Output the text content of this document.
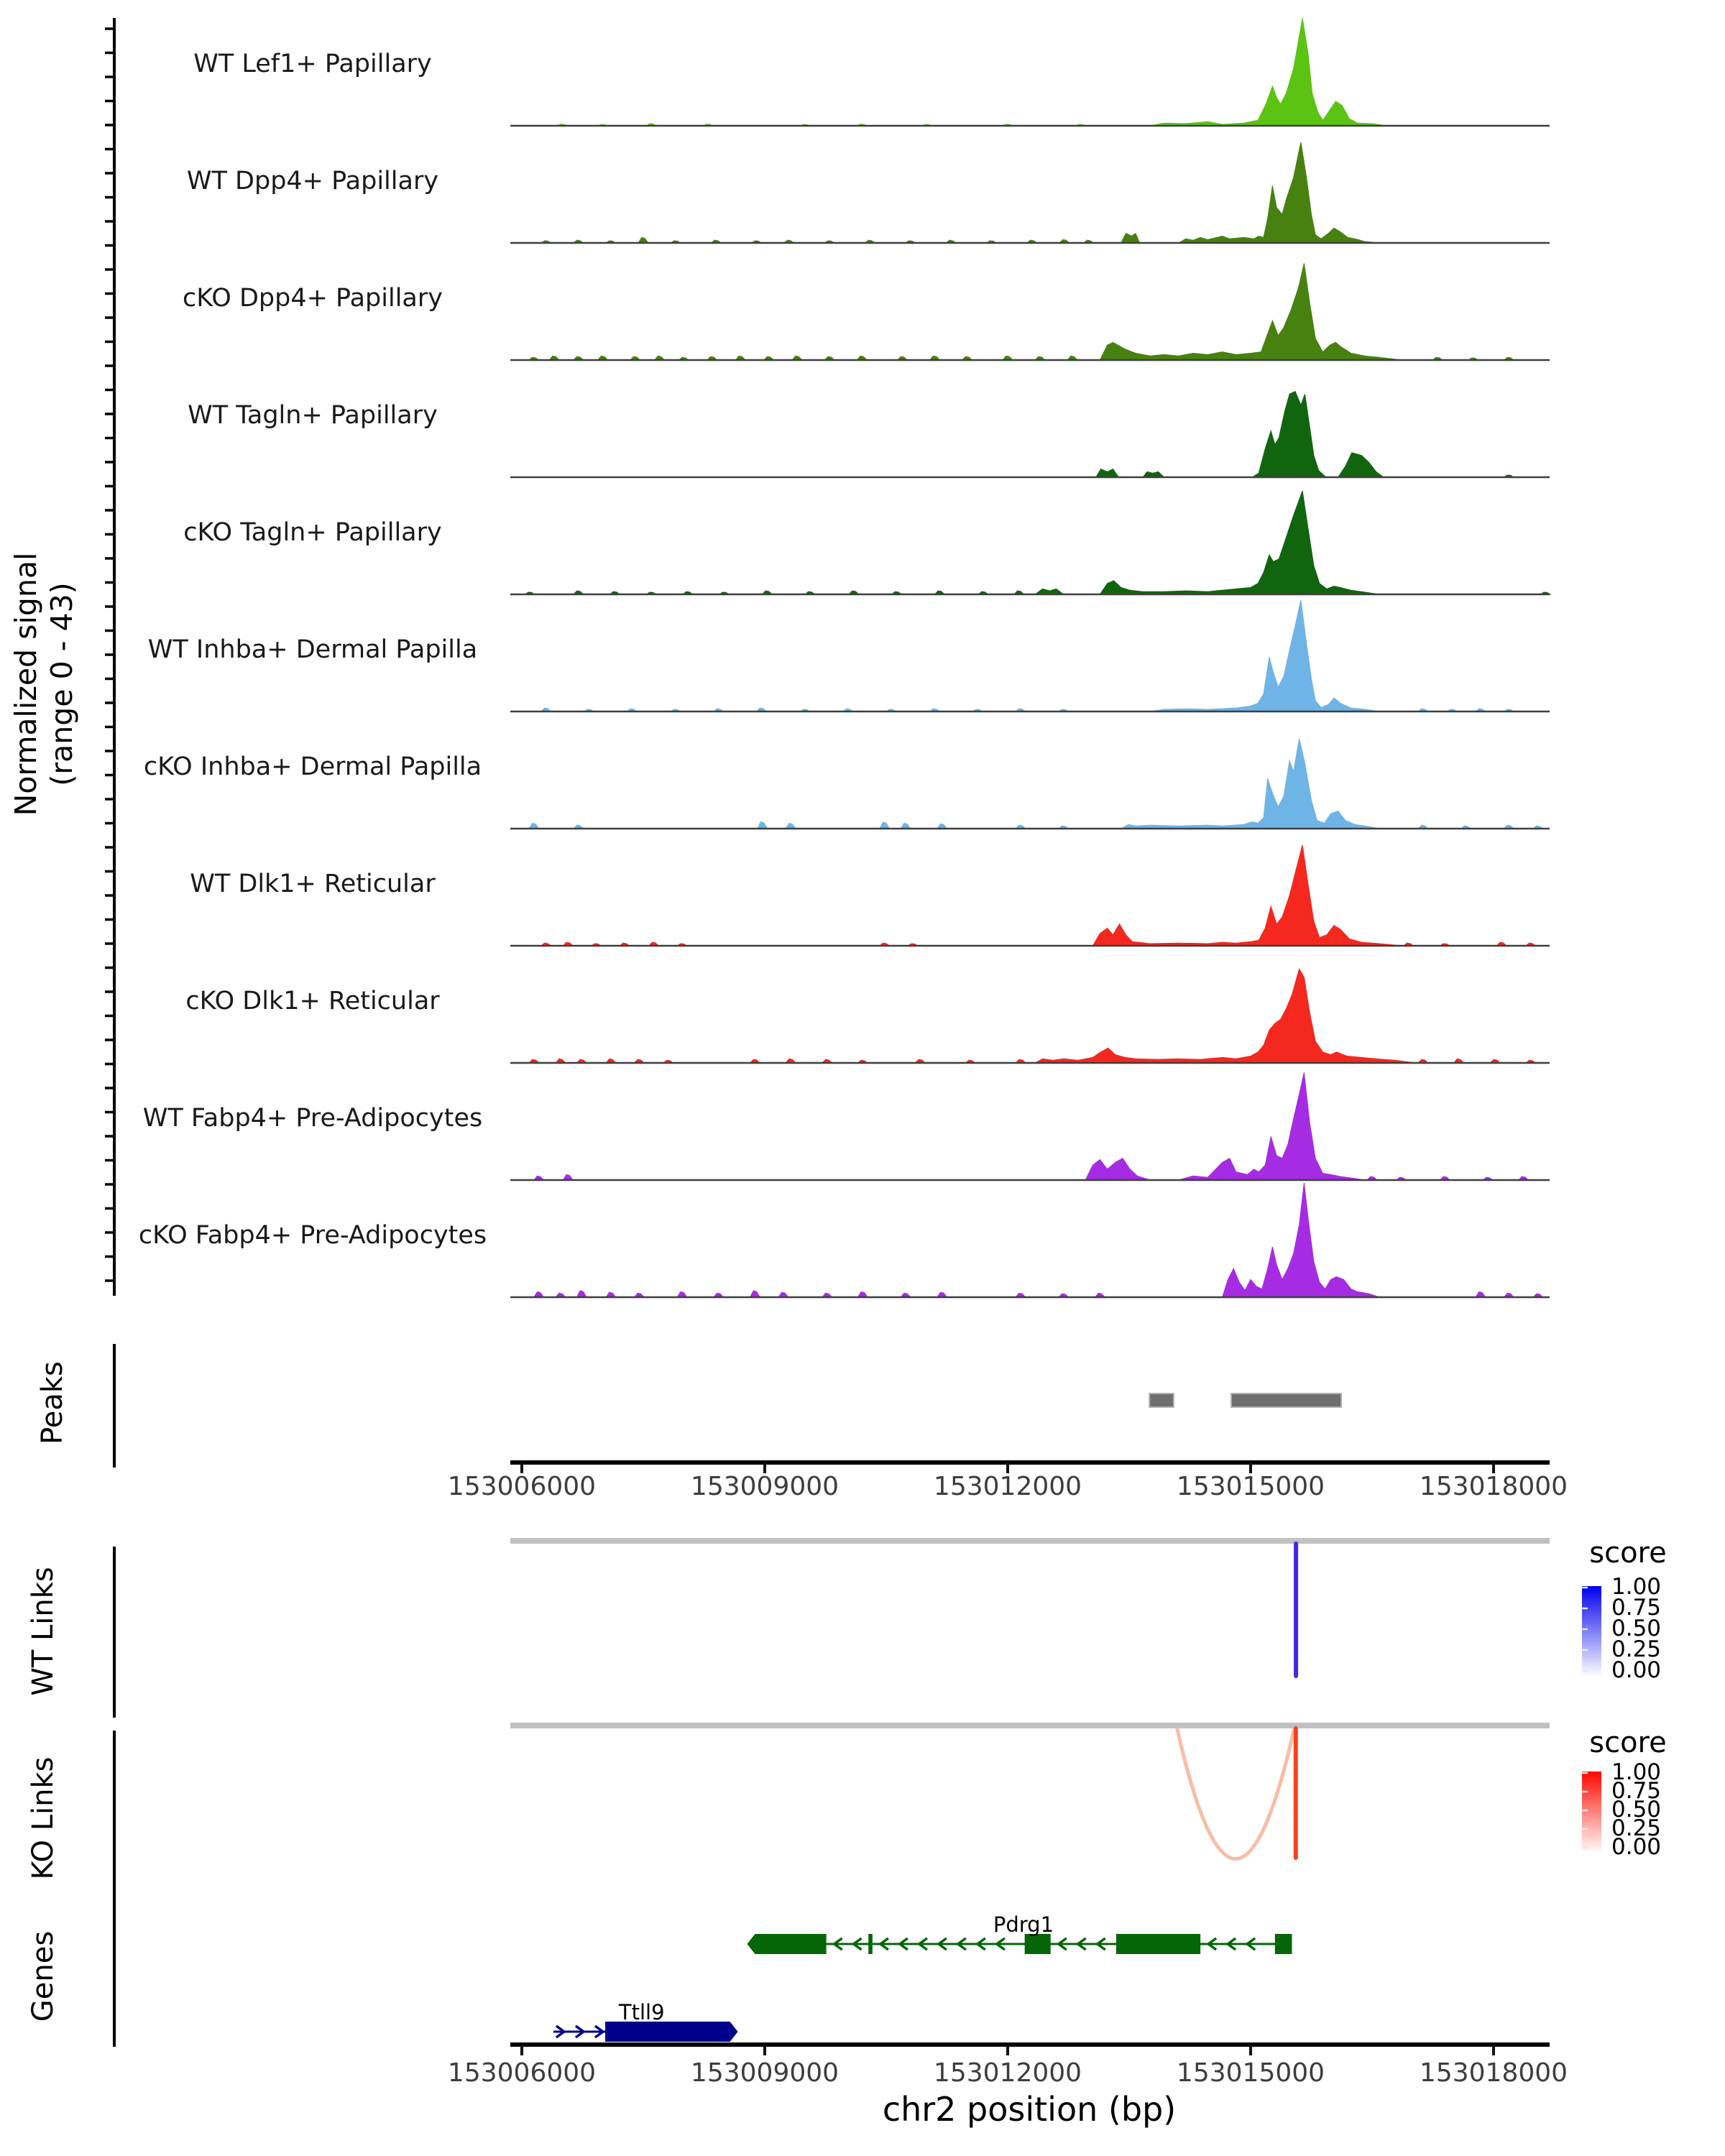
Normalized signal (range 0 - 43)
Peaks
WT Links
KO Links
Genes
WT Lef1+ Papillary
WT Dpp4+ Papillary
cKO Dpp4+ Papillary
WT Tagln+ Papillary
cKO Tagln+ Papillary
WT Inhba+ Dermal Papilla
cKO Inhba+ Dermal Papilla
WT Dlk1+ Reticular
cKO Dlk1+ Reticular
WT Fabp4+ Pre-Adipocytes
cKO Fabp4+ Pre-Adipocytes
153006000	153009000	153012000	153015000	153018000
153006000	153009000	153012000	153015000	153018000
chr2 position (bp)
score
score
1.00
0.75
0.50
0.25
0.00
1.00
0.75
0.50
0.25
0.00
Pdrg1
Ttll9
